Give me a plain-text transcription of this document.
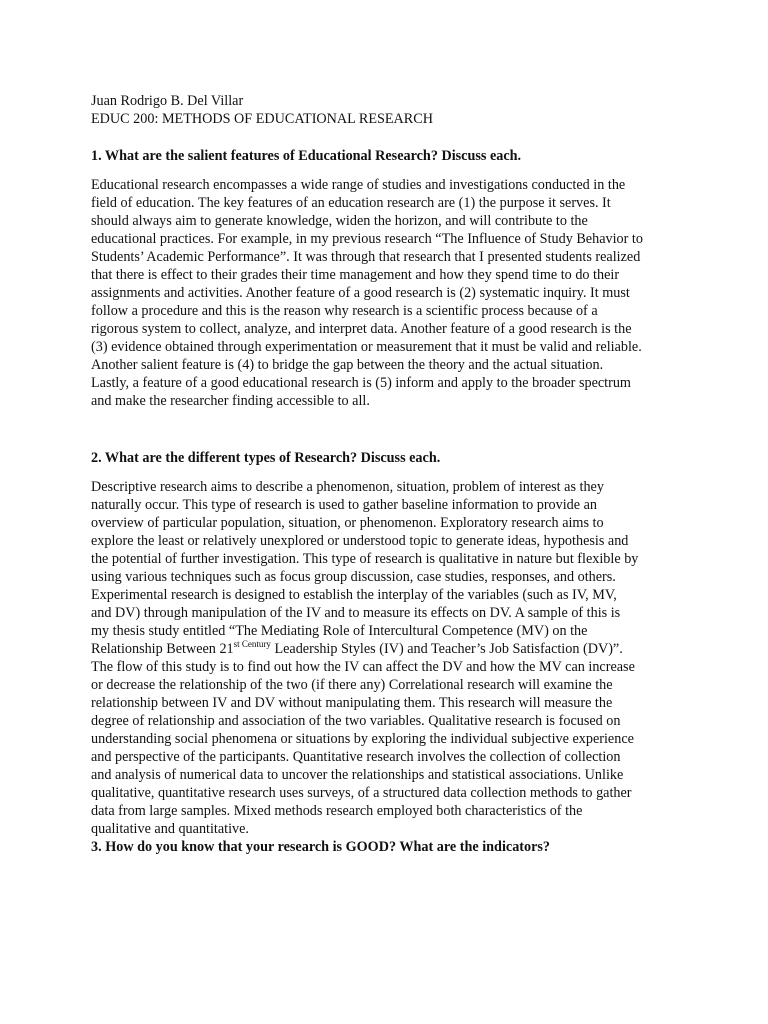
Juan Rodrigo B. Del Villar

EDUC 200: METHODS OF EDUCATIONAL RESEARCH

1. What are the salient features of Educational Research? Discuss each.

Educational research encompasses a wide range of studies and investigations conducted in the

field of education. The key features of an education research are (1) the purpose it serves. It

should always aim to generate knowledge, widen the horizon, and will contribute to the

educational practices. For example, in my previous research “The Influence of Study Behavior to

Students’ Academic Performance”. It was through that research that I presented students realized

that there is effect to their grades their time management and how they spend time to do their

assignments and activities. Another feature of a good research is (2) systematic inquiry. It must

follow a procedure and this is the reason why research is a scientific process because of a

rigorous system to collect, analyze, and interpret data. Another feature of a good research is the

(3) evidence obtained through experimentation or measurement that it must be valid and reliable.

Another salient feature is (4) to bridge the gap between the theory and the actual situation.

Lastly, a feature of a good educational research is (5) inform and apply to the broader spectrum

and make the researcher finding accessible to all.

2. What are the different types of Research? Discuss each.

Descriptive research aims to describe a phenomenon, situation, problem of interest as they

naturally occur. This type of research is used to gather baseline information to provide an

overview of particular population, situation, or phenomenon. Exploratory research aims to

explore the least or relatively unexplored or understood topic to generate ideas, hypothesis and

the potential of further investigation. This type of research is qualitative in nature but flexible by

using various techniques such as focus group discussion, case studies, responses, and others.

Experimental research is designed to establish the interplay of the variables (such as IV, MV,

and DV) through manipulation of the IV and to measure its effects on DV. A sample of this is

my thesis study entitled “The Mediating Role of Intercultural Competence (MV) on the

Relationship Between $21^{st Century}$ Leadership Styles (IV) and Teacher’s Job Satisfaction (DV)”.

The flow of this study is to find out how the IV can affect the DV and how the MV can increase

or decrease the relationship of the two (if there any) Correlational research will examine the

relationship between IV and DV without manipulating them. This research will measure the

degree of relationship and association of the two variables. Qualitative research is focused on

understanding social phenomena or situations by exploring the individual subjective experience

and perspective of the participants. Quantitative research involves the collection of collection

and analysis of numerical data to uncover the relationships and statistical associations. Unlike

qualitative, quantitative research uses surveys, of a structured data collection methods to gather

data from large samples. Mixed methods research employed both characteristics of the

qualitative and quantitative.

3. How do you know that your research is GOOD? What are the indicators?
